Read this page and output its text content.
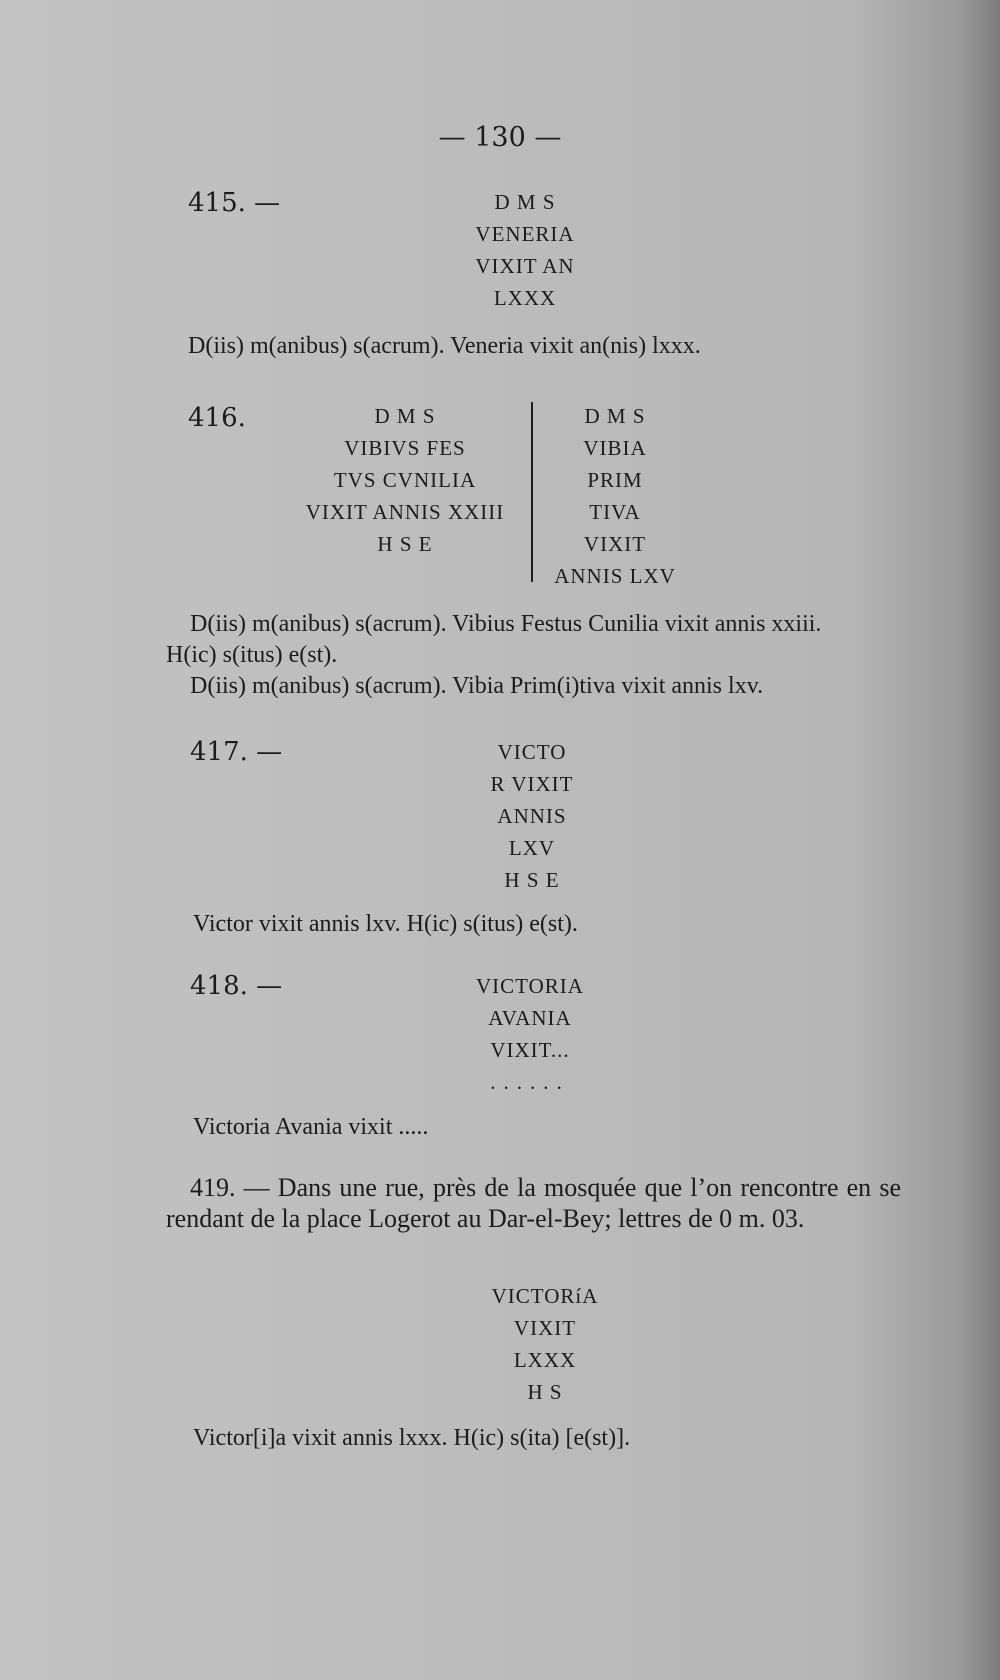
— 130 —
415. —	D M S
VENERIA
VIXIT AN
LXXX
D(iis) m(anibus) s(acrum). Veneria vixit an(nis) lxxx.
416.	D M S
VIBIVS FES
TVS CVNILIA
VIXIT ANNIS XXIII
H S E
D M S
VIBIA
PRIM
TIVA
VIXIT
ANNIS LXV
D(iis) m(anibus) s(acrum). Vibius Festus Cunilia vixit annis xxiii.
H(ic) s(itus) e(st).
D(iis) m(anibus) s(acrum). Vibia Prim(i)tiva vixit annis lxv.
417. —	VICTO
R VIXIT
ANNIS
LXV
H S E
Victor vixit annis lxv. H(ic) s(itus) e(st).
418. —	VICTORIA
AVANIA
VIXIT...
......
Victoria Avania vixit .....
419. — Dans une rue, près de la mosquée que l’on rencontre en se rendant de la place Logerot au Dar-el-Bey; lettres de 0 m. 03.
VICTORíA
VIXIT
LXXX
H S
Victor[i]a vixit annis lxxx. H(ic) s(ita) [e(st)].
